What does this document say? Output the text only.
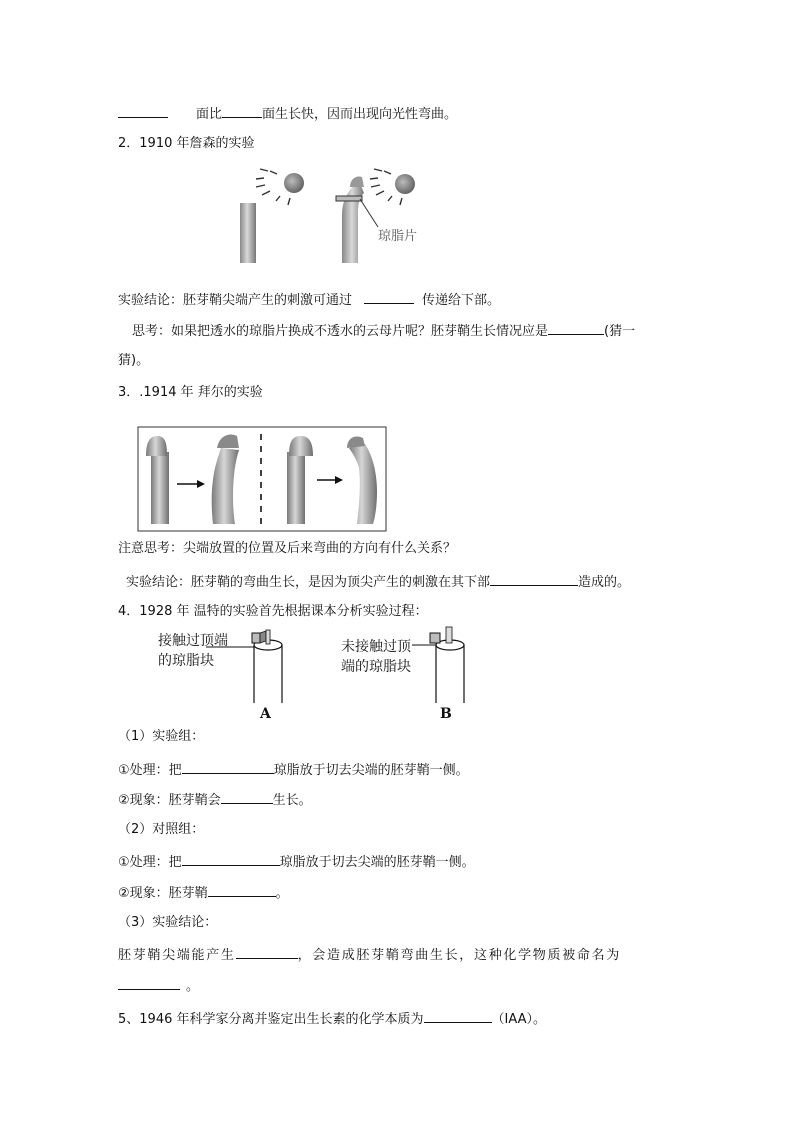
面比	面生长快，因而出现向光性弯曲。
2．1910 年詹森的实验
琼脂片
实验结论：胚芽鞘尖端产生的刺激可通过	传递给下部。
思考：如果把透水的琼脂片换成不透水的云母片呢？胚芽鞘生长情况应是	(猜一
猜)。
3．.1914 年 拜尔的实验
注意思考：尖端放置的位置及后来弯曲的方向有什么关系？
实验结论：胚芽鞘的弯曲生长，是因为顶尖产生的刺激在其下部	造成的。
4．1928 年 温特的实验首先根据课本分析实验过程：
接触过顶端
的琼脂块
未接触过顶
端的琼脂块
A	B
（1）实验组：
①处理：把	琼脂放于切去尖端的胚芽鞘一侧。
②现象：胚芽鞘会	生长。
（2）对照组：
①处理：把	琼脂放于切去尖端的胚芽鞘一侧。
②现象：胚芽鞘	。
（3）实验结论：
胚芽鞘尖端能产生	，会造成胚芽鞘弯曲生长，这种化学物质被命名为
。
5、1946 年科学家分离并鉴定出生长素的化学本质为	（IAA）。
